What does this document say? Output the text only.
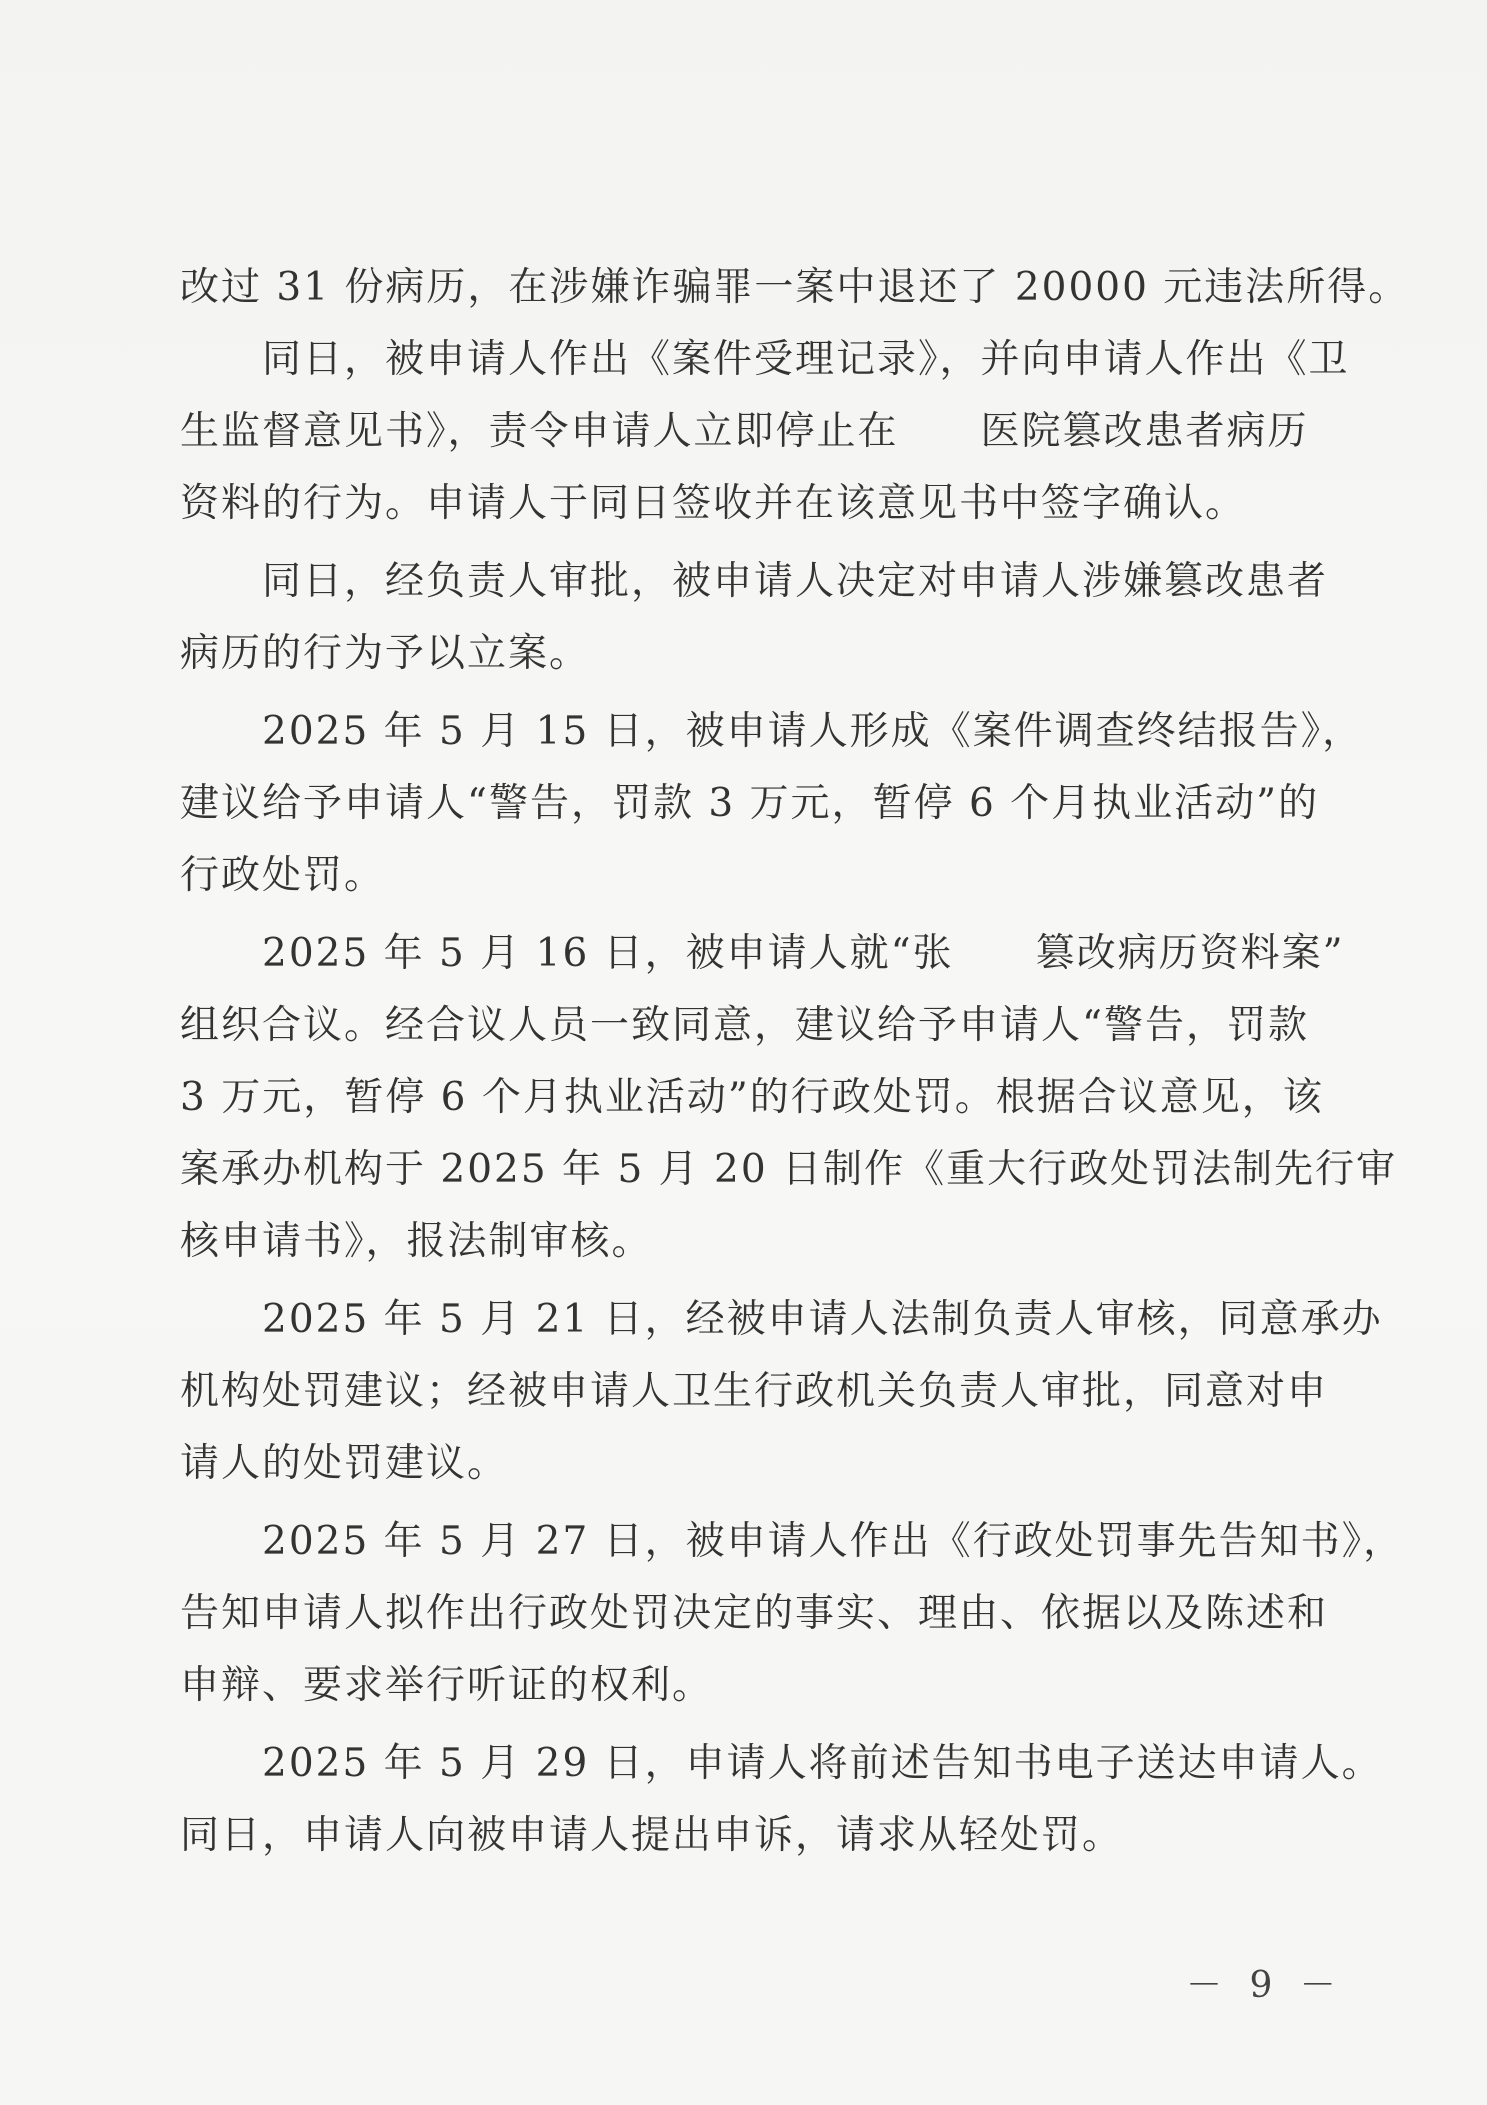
改过 31 份病历，在涉嫌诈骗罪一案中退还了 20000 元违法所得。
　　同日，被申请人作出《案件受理记录》，并向申请人作出《卫
生监督意见书》，责令申请人立即停止在　　医院篡改患者病历
资料的行为。申请人于同日签收并在该意见书中签字确认。
　　同日，经负责人审批，被申请人决定对申请人涉嫌篡改患者
病历的行为予以立案。
　　2025 年 5 月 15 日，被申请人形成《案件调查终结报告》，
建议给予申请人“警告，罚款 3 万元，暂停 6 个月执业活动”的
行政处罚。
　　2025 年 5 月 16 日，被申请人就“张　　篡改病历资料案”
组织合议。经合议人员一致同意，建议给予申请人“警告，罚款
3 万元，暂停 6 个月执业活动”的行政处罚。根据合议意见，该
案承办机构于 2025 年 5 月 20 日制作《重大行政处罚法制先行审
核申请书》，报法制审核。
　　2025 年 5 月 21 日，经被申请人法制负责人审核，同意承办
机构处罚建议；经被申请人卫生行政机关负责人审批，同意对申
请人的处罚建议。
　　2025 年 5 月 27 日，被申请人作出《行政处罚事先告知书》，
告知申请人拟作出行政处罚决定的事实、理由、依据以及陈述和
申辩、要求举行听证的权利。
　　2025 年 5 月 29 日，申请人将前述告知书电子送达申请人。
同日，申请人向被申请人提出申诉，请求从轻处罚。
－ 9 －
